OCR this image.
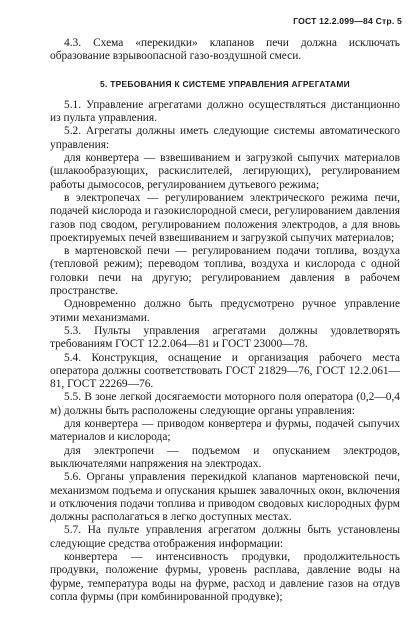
ГОСТ 12.2.099—84 Стр. 5

4.3. Схема «перекидки» клапанов печи должна исключать образование взрывоопасной газо-воздушной смеси.

5. ТРЕБОВАНИЯ К СИСТЕМЕ УПРАВЛЕНИЯ АГРЕГАТАМИ

5.1. Управление агрегатами должно осуществляться дистанционно из пульта управления.

5.2. Агрегаты должны иметь следующие системы автоматического управления:

для конвертера — взвешиванием и загрузкой сыпучих материалов (шлакообразующих, раскислителей, легирующих), регулированием работы дымососов, регулированием дутьевого режима;

в электропечах — регулированием электрического режима печи, подачей кислорода и газокислородной смеси, регулированием давления газов под сводом, регулированием положения электродов, а для вновь проектируемых печей взвешиванием и загрузкой сыпучих материалов;

в мартеновской печи — регулированием подачи топлива, воздуха (тепловой режим); переводом топлива, воздуха и кислорода с одной головки печи на другую; регулированием давления в рабочем пространстве.

Одновременно должно быть предусмотрено ручное управление этими механизмами.

5.3. Пульты управления агрегатами должны удовлетворять требованиям ГОСТ 12.2.064—81 и ГОСТ 23000—78.

5.4. Конструкция, оснащение и организация рабочего места оператора должны соответствовать ГОСТ 21829—76, ГОСТ 12.2.061—81, ГОСТ 22269—76.

5.5. В зоне легкой досягаемости моторного поля оператора (0,2—0,4 м) должны быть расположены следующие органы управления:

для конвертера — приводом конвертера и фурмы, подачей сыпучих материалов и кислорода;

для электропечи — подъемом и опусканием электродов, выключателями напряжения на электродах.

5.6. Органы управления перекидкой клапанов мартеновской печи, механизмом подъема и опускания крышек завалочных окон, включения и отключения подачи топлива и приводом сводовых кислородных фурм должны располагаться в легко доступных местах.

5.7. На пульте управления агрегатом должны быть установлены следующие средства отображения информации:

конвертера — интенсивность продувки, продолжительность продувки, положение фурмы, уровень расплава, давление воды на фурме, температура воды на фурме, расход и давление газов на отдув сопла фурмы (при комбинированной продувке);
